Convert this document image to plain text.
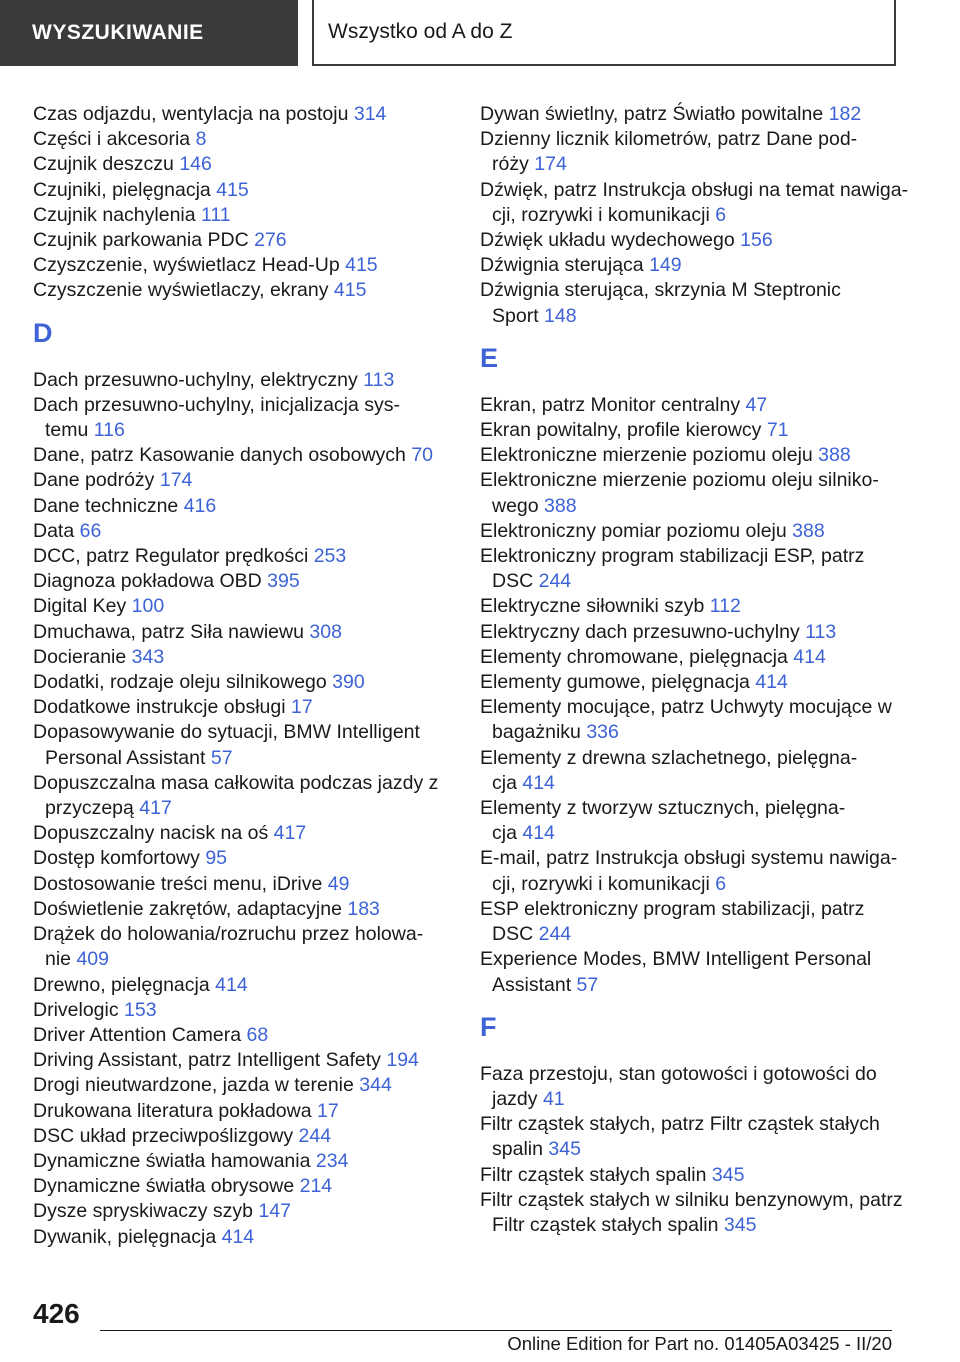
WYSZUKIWANIE	Wszystko od A do Z
Czas odjazdu, wentylacja na postoju 314
Części i akcesoria 8
Czujnik deszczu 146
Czujniki, pielęgnacja 415
Czujnik nachylenia 111
Czujnik parkowania PDC 276
Czyszczenie, wyświetlacz Head-Up 415
Czyszczenie wyświetlaczy, ekrany 415
D
Dach przesuwno-uchylny, elektryczny 113
Dach przesuwno-uchylny, inicjalizacja sys-
temu 116
Dane, patrz Kasowanie danych osobowych 70
Dane podróży 174
Dane techniczne 416
Data 66
DCC, patrz Regulator prędkości 253
Diagnoza pokładowa OBD 395
Digital Key 100
Dmuchawa, patrz Siła nawiewu 308
Docieranie 343
Dodatki, rodzaje oleju silnikowego 390
Dodatkowe instrukcje obsługi 17
Dopasowywanie do sytuacji, BMW Intelligent
Personal Assistant 57
Dopuszczalna masa całkowita podczas jazdy z
przyczepą 417
Dopuszczalny nacisk na oś 417
Dostęp komfortowy 95
Dostosowanie treści menu, iDrive 49
Doświetlenie zakrętów, adaptacyjne 183
Drążek do holowania/rozruchu przez holowa-
nie 409
Drewno, pielęgnacja 414
Drivelogic 153
Driver Attention Camera 68
Driving Assistant, patrz Intelligent Safety 194
Drogi nieutwardzone, jazda w terenie 344
Drukowana literatura pokładowa 17
DSC układ przeciwpoślizgowy 244
Dynamiczne światła hamowania 234
Dynamiczne światła obrysowe 214
Dysze spryskiwaczy szyb 147
Dywanik, pielęgnacja 414
Dywan świetlny, patrz Światło powitalne 182
Dzienny licznik kilometrów, patrz Dane pod-
róży 174
Dźwięk, patrz Instrukcja obsługi na temat nawiga-
cji, rozrywki i komunikacji 6
Dźwięk układu wydechowego 156
Dźwignia sterująca 149
Dźwignia sterująca, skrzynia M Steptronic
Sport 148
E
Ekran, patrz Monitor centralny 47
Ekran powitalny, profile kierowcy 71
Elektroniczne mierzenie poziomu oleju 388
Elektroniczne mierzenie poziomu oleju silniko-
wego 388
Elektroniczny pomiar poziomu oleju 388
Elektroniczny program stabilizacji ESP, patrz
DSC 244
Elektryczne siłowniki szyb 112
Elektryczny dach przesuwno-uchylny 113
Elementy chromowane, pielęgnacja 414
Elementy gumowe, pielęgnacja 414
Elementy mocujące, patrz Uchwyty mocujące w
bagażniku 336
Elementy z drewna szlachetnego, pielęgna-
cja 414
Elementy z tworzyw sztucznych, pielęgna-
cja 414
E-mail, patrz Instrukcja obsługi systemu nawiga-
cji, rozrywki i komunikacji 6
ESP elektroniczny program stabilizacji, patrz
DSC 244
Experience Modes, BMW Intelligent Personal
Assistant 57
F
Faza przestoju, stan gotowości i gotowości do
jazdy 41
Filtr cząstek stałych, patrz Filtr cząstek stałych
spalin 345
Filtr cząstek stałych spalin 345
Filtr cząstek stałych w silniku benzynowym, patrz
Filtr cząstek stałych spalin 345
426
Online Edition for Part no. 01405A03425 - II/20
